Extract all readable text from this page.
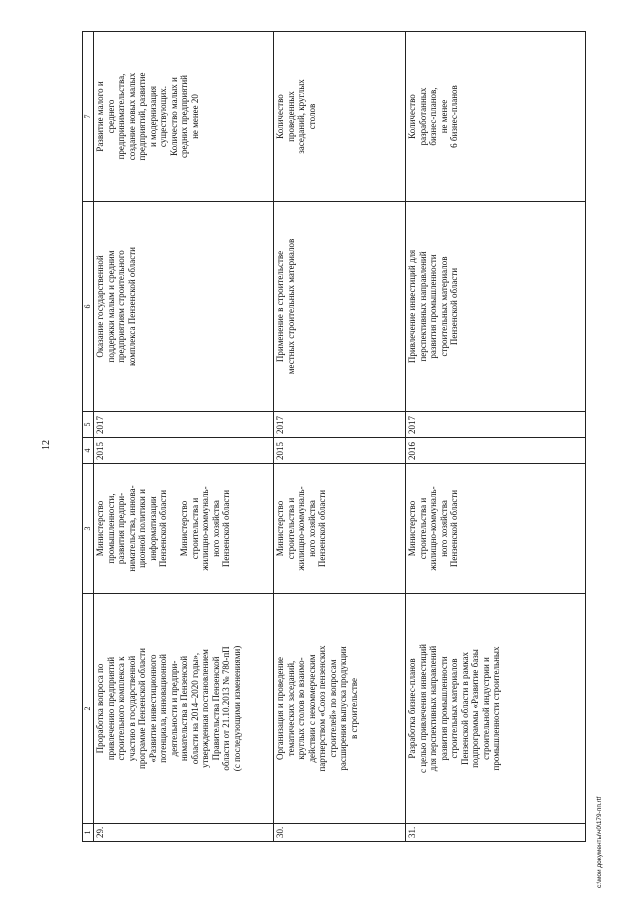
12
1
2
3
4
5
6
7
29.
Проработка вопроса по
привлечению предприятий
строительного комплекса к
участию в государственной
программе Пензенской области
«Развитие инвестиционного
потенциала, инновационной
деятельности и предпри-
нимательства в Пензенской
области на 2014–2020 годы»,
утвержденная постановлением
Правительства Пензенской
области от 21.10.2013 № 780-пП
(с последующими изменениями)
Министерство
промышленности,
развития предпри-
нимательства, иннова-
ционной политики и
информатизации
Пензенской области

Министерство
строительства и
жилищно-коммуналь-
ного хозяйства
Пензенской области
2015
2017
Оказание государственной
поддержки малым и средним
предприятиям строительного
комплекса Пензенской области
Развитие малого и
среднего
предпринимательства,
создание новых малых
предприятий, развитие
и модернизация
существующих.
Количество малых и
средних предприятий
не менее 20
30.
Организация и проведение
тематических заседаний,
круглых столов во взаимо-
действии с некоммерческим
партнерством «Союз пензенских
строителей» по вопросам
расширения выпуска продукции
в строительстве
Министерство
строительства и
жилищно-коммуналь-
ного хозяйства
Пензенской области
2015
2017
Применение в строительстве
местных строительных материалов
Количество
проведенных
заседаний, круглых
столов
31.
Разработка бизнес-планов
с целью привлечения инвестиций
для перспективных направлений
развития промышленности
строительных материалов
Пензенской области в рамках
подпрограммы «Развитие базы
строительной индустрии и
промышленности строительных
Министерство
строительства и
жилищно-коммуналь-
ного хозяйства
Пензенской области
2016
2017
Привлечение инвестиций для
перспективных направлений
развития промышленности
строительных материалов
Пензенской области
Количество
разработанных
бизнес-планов,
не менее
6 бизнес-планов
c:\мои документы\ч0\179-пп.rtf
